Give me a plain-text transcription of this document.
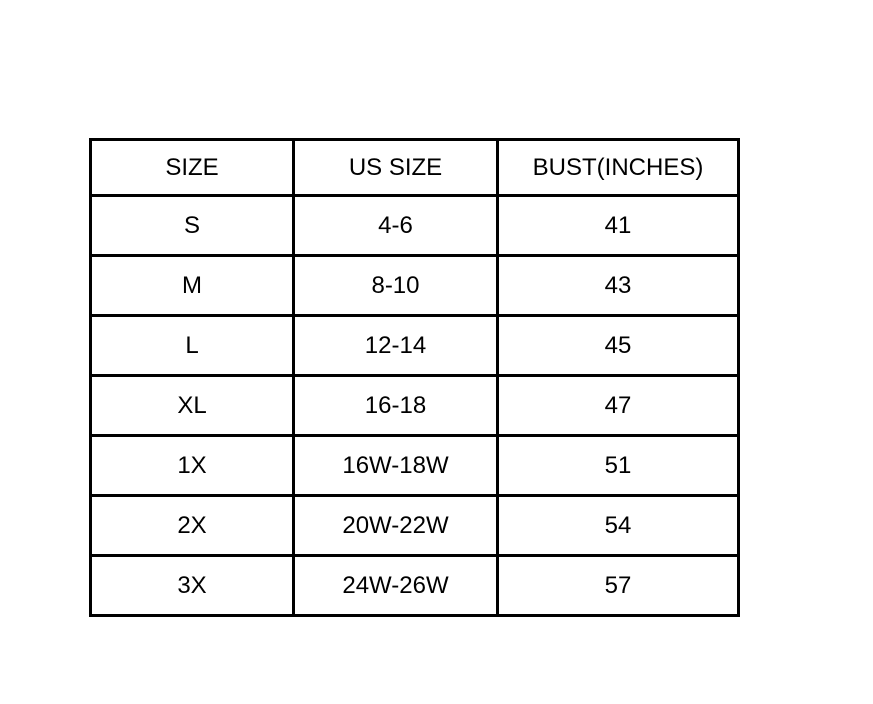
SIZE	US SIZE	BUST(INCHES)
S	4-6	41
M	8-10	43
L	12-14	45
XL	16-18	47
1X	16W-18W	51
2X	20W-22W	54
3X	24W-26W	57
